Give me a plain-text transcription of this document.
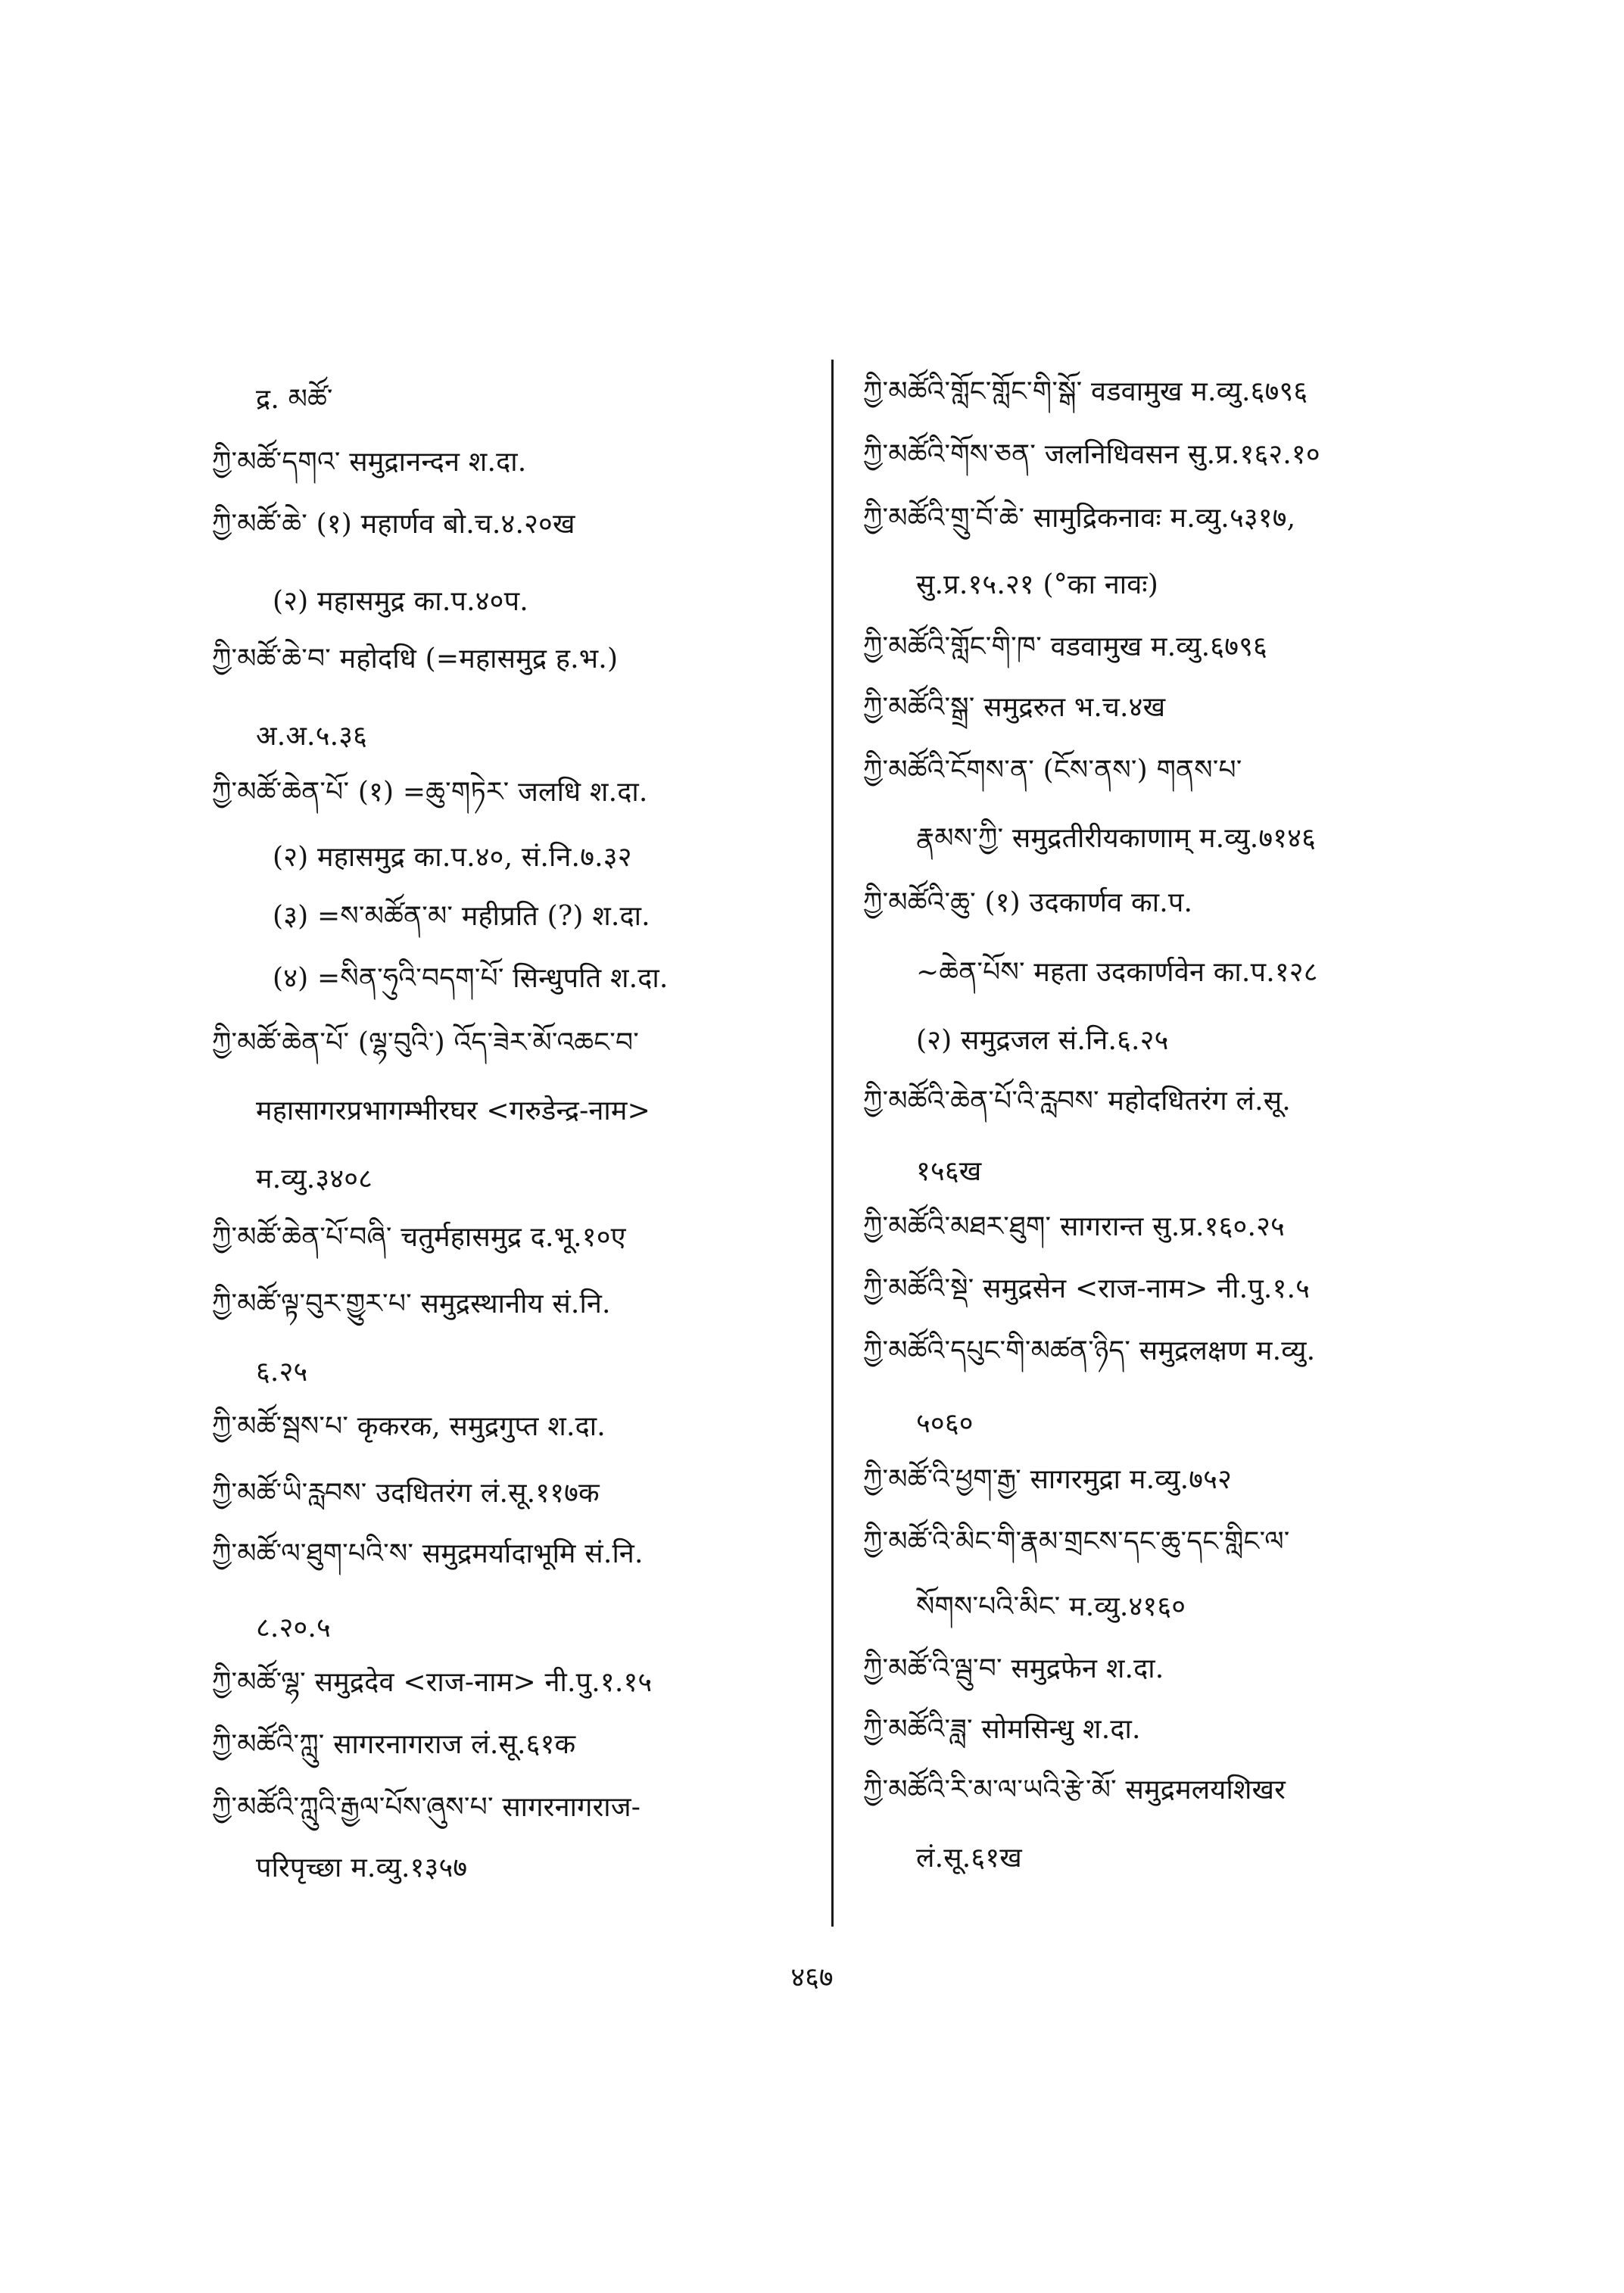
द्र. མཚོ་
ཀྱི་མཚོ་དགའ་ समुद्रानन्दन श.दा.
ཀྱི་མཚོ་ཆེ་ (१) महार्णव बो.च.४.२०ख
(२) महासमुद्र का.प.४०प.
ཀྱི་མཚོ་ཆེ་བ་ महोदधि (=महासमुद्र ह.भ.)
अ.अ.५.३६
ཀྱི་མཚོ་ཆེན་པོ་ (१) =ཆུ་གཏེར་ जलधि श.दा.
(२) महासमुद्र का.प.४०, सं.नि.७.३२
(३) =ས་མཚོན་མ་ महीप्रति (?) श.दा.
(४) =སིན་ཧུའི་བདག་པོ་ सिन्धुपति श.दा.
ཀྱི་མཚོ་ཆེན་པོ་ (ལྷ་བུའི་) འོད་ཟེར་མོ་འཆང་བ་
महासागरप्रभागम्भीरघर <गरुडेन्द्र-नाम>
म.व्यु.३४०८
ཀྱི་མཚོ་ཆེན་པོ་བཞི་ चतुर्महासमुद्र द.भू.१०ए
ཀྱི་མཚོ་ལྟ་བུར་གྱུར་པ་ समुद्रस्थानीय सं.नि.
६.२५
ཀྱི་མཚོ་སྦས་པ་ कृकरक, समुद्रगुप्त श.दा.
ཀྱི་མཚོ་ཡི་རླབས་ उदधितरंग लं.सू.११७क
ཀྱི་མཚོ་ལ་ཐུག་པའི་ས་ समुद्रमर्यादाभूमि सं.नि.
८.२०.५
ཀྱི་མཚོ་ལྷ་ समुद्रदेव <राज-नाम> नी.पु.१.१५
ཀྱི་མཚོའི་ཀླུ་ सागरनागराज लं.सू.६१क
ཀྱི་མཚོའི་ཀླུའི་རྒྱལ་པོས་ཞུས་པ་ सागरनागराज-
परिपृच्छा म.व्यु.१३५७
ཀྱི་མཚོའི་གློང་གློང་གི་སྒོ་ वडवामुख म.व्यु.६७९६
ཀྱི་མཚོའི་གོས་ཅན་ जलनिधिवसन सु.प्र.१६२.१०
ཀྱི་མཚོའི་གྲུ་བོ་ཆེ་ सामुद्रिकनावः म.व्यु.५३१७,
सु.प्र.१५.२१ (°का नावः)
ཀྱི་མཚོའི་གློང་གི་ཁ་ वडवामुख म.व्यु.६७९६
ཀྱི་མཚོའི་སྒྲ་ समुद्ररुत भ.च.४ख
ཀྱི་མཚོའི་ངོགས་ན་ (ངོས་ནས་) གནས་པ་
རྣམས་ཀྱི་ समुद्रतीरीयकाणाम् म.व्यु.७१४६
ཀྱི་མཚོའི་ཆུ་ (१) उदकार्णव का.प.
~ཆེན་པོས་ महता उदकार्णवेन का.प.१२८
(२) समुद्रजल सं.नि.६.२५
ཀྱི་མཚོའི་ཆེན་པོ་འི་རླབས་ महोदधितरंग लं.सू.
१५६ख
ཀྱི་མཚོའི་མཐར་ཐུག་ सागरान्त सु.प्र.१६०.२५
ཀྱི་མཚོའི་སྡེ་ समुद्रसेन <राज-नाम> नी.पु.१.५
ཀྱི་མཚོའི་དཔུང་གི་མཚན་ཉིད་ समुद्रलक्षण म.व्यु.
५०६०
ཀྱི་མཚོ་འི་ཕྱག་རྒྱ་ सागरमुद्रा म.व्यु.७५२
ཀྱི་མཚོ་འི་མིང་གི་རྣམ་གྲངས་དང་ཆུ་དང་གླིང་ལ་
སོགས་པའི་མིང་ म.व्यु.४१६०
ཀྱི་མཚོ་འི་ལྦུ་བ་ समुद्रफेन श.दा.
ཀྱི་མཚོའི་ཟླ་ सोमसिन्धु श.दा.
ཀྱི་མཚོའི་རི་མ་ལ་ཡའི་རྩེ་མོ་ समुद्रमलयशिखर
लं.सू.६१ख
४६७
